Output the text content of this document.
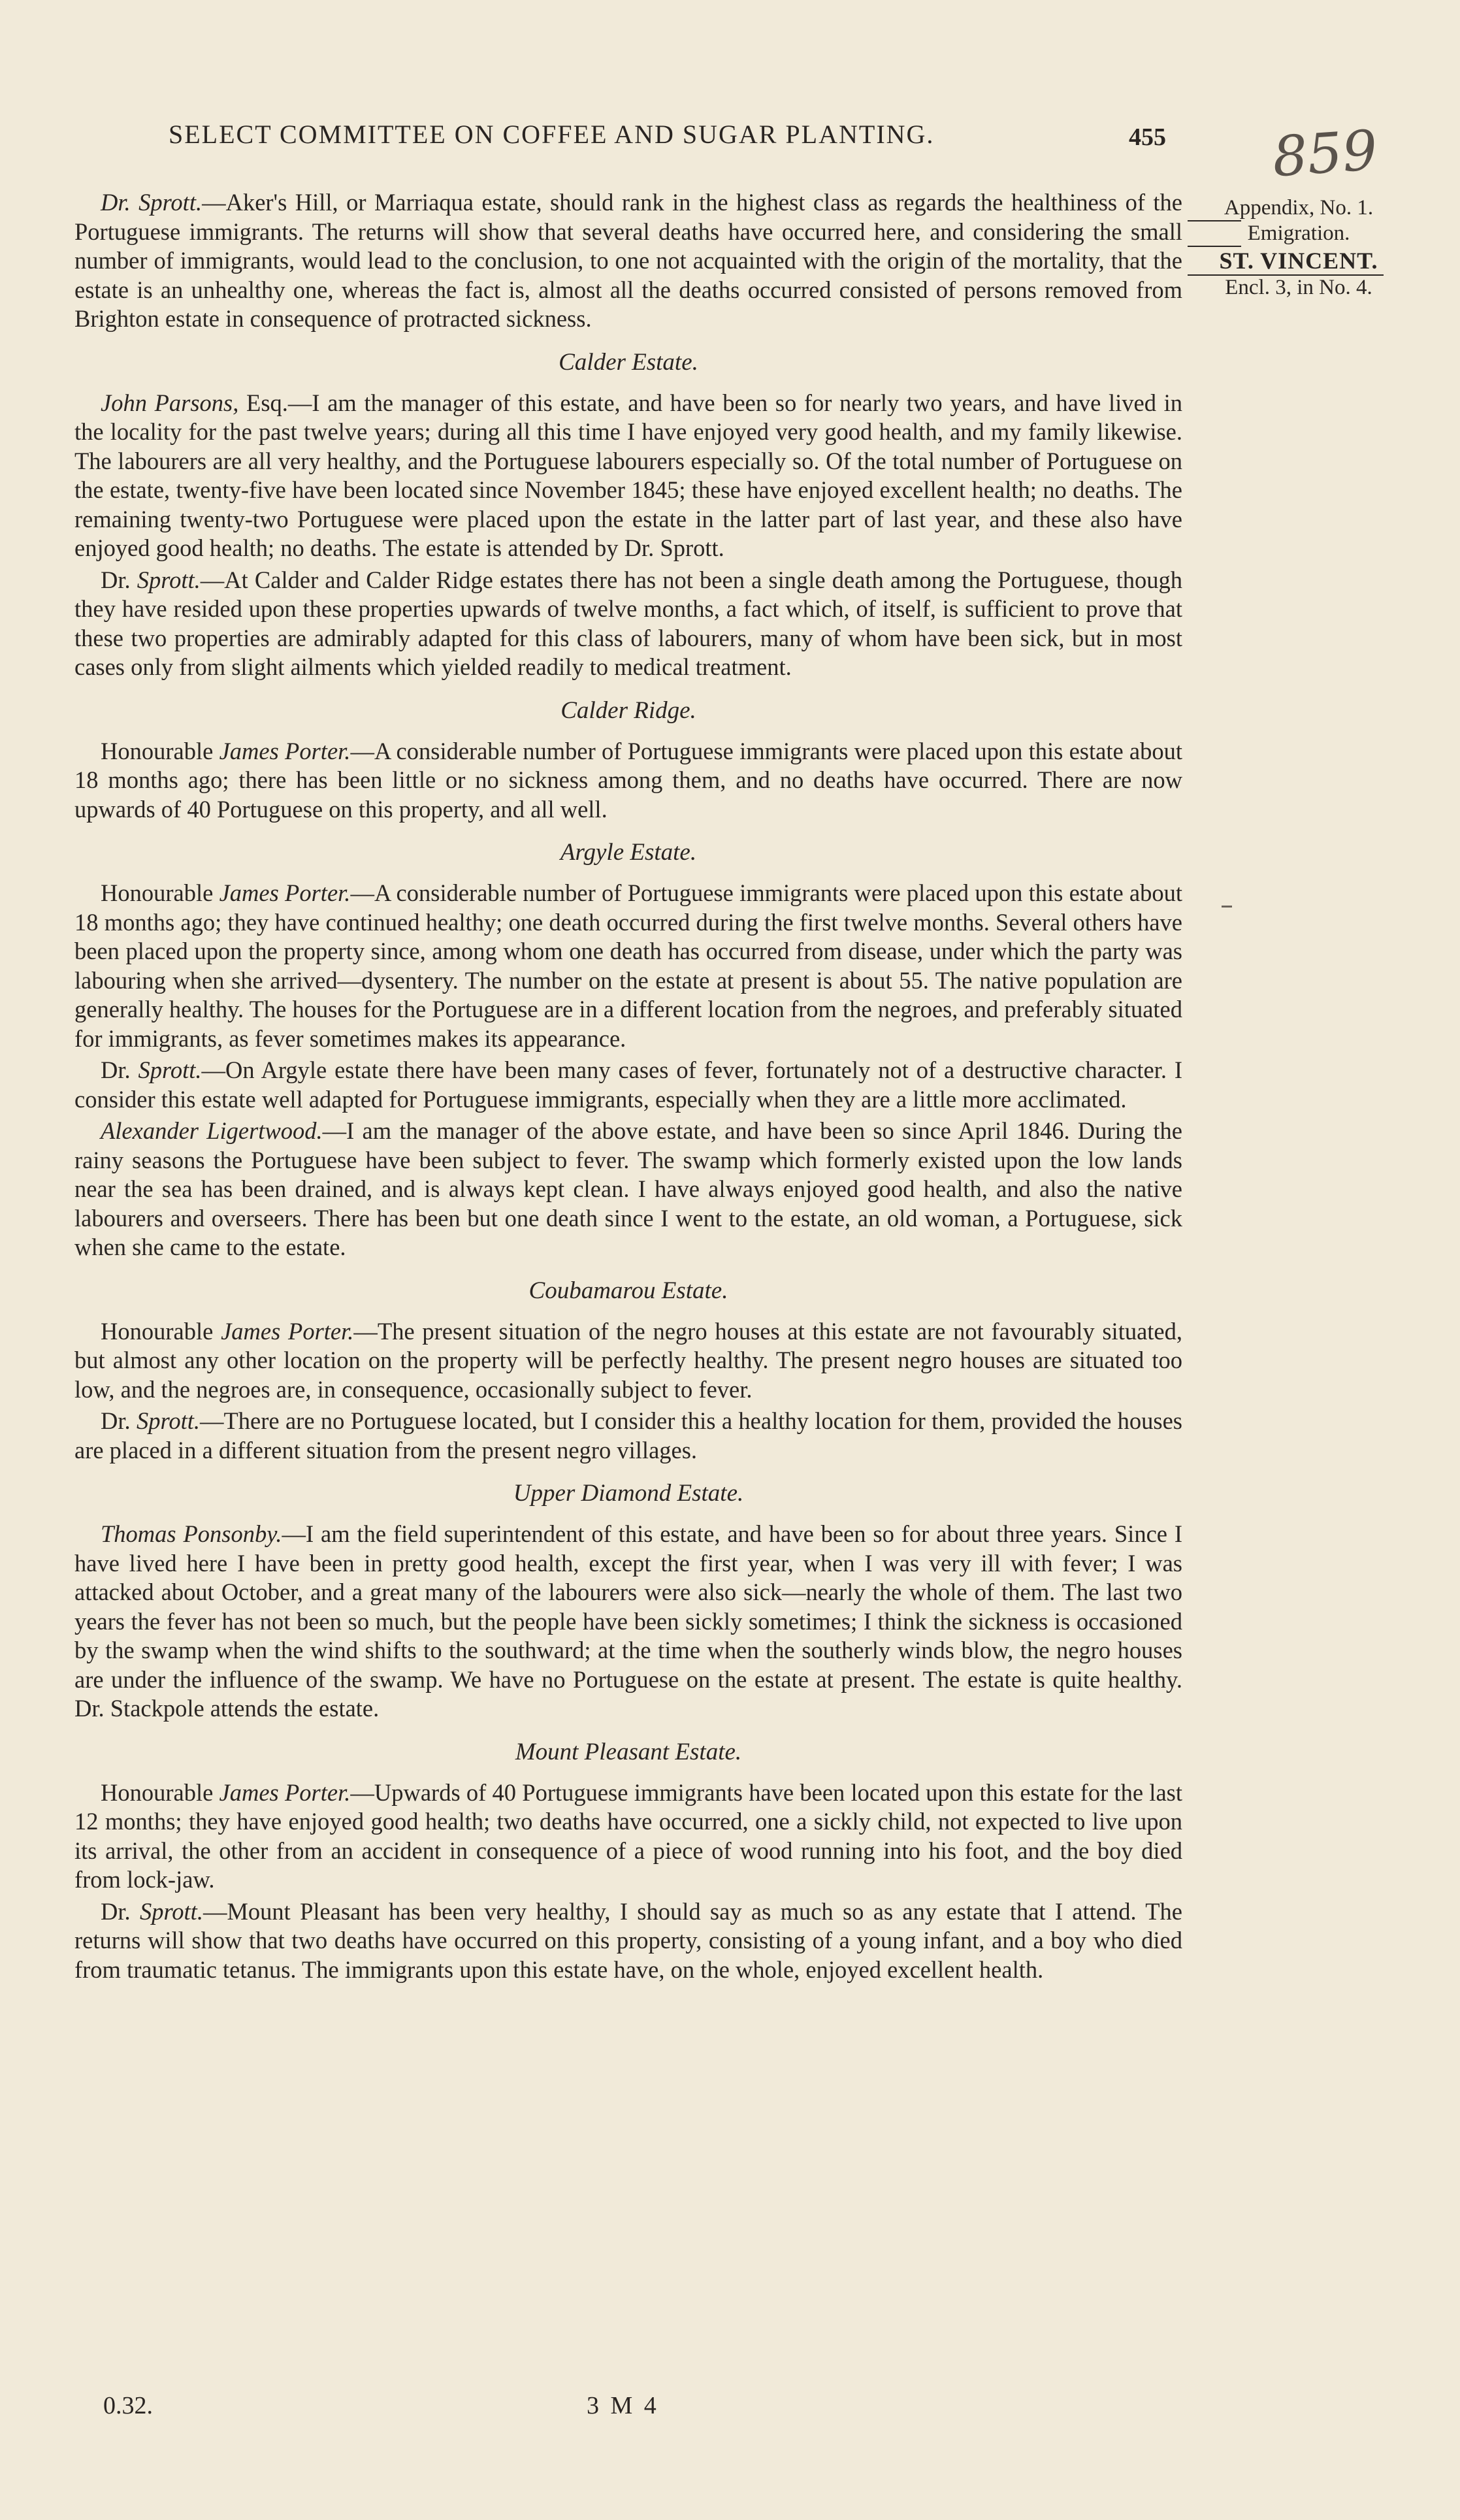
SELECT COMMITTEE ON COFFEE AND SUGAR PLANTING.	455 859
Appendix, No. 1.
Emigration.
ST. VINCENT.
Encl. 3, in No. 4.

Dr. Sprott.—Aker's Hill, or Marriaqua estate, should rank in the highest class as regards the healthiness of the Portuguese immigrants. The returns will show that several deaths have occurred here, and considering the small number of immigrants, would lead to the conclusion, to one not acquainted with the origin of the mortality, that the estate is an unhealthy one, whereas the fact is, almost all the deaths occurred consisted of persons removed from Brighton estate in consequence of protracted sickness.

Calder Estate.

John Parsons, Esq.—I am the manager of this estate, and have been so for nearly two years, and have lived in the locality for the past twelve years; during all this time I have enjoyed very good health, and my family likewise. The labourers are all very healthy, and the Portuguese labourers especially so. Of the total number of Portuguese on the estate, twenty-five have been located since November 1845; these have enjoyed excellent health; no deaths. The remaining twenty-two Portuguese were placed upon the estate in the latter part of last year, and these also have enjoyed good health; no deaths. The estate is attended by Dr. Sprott.

Dr. Sprott.—At Calder and Calder Ridge estates there has not been a single death among the Portuguese, though they have resided upon these properties upwards of twelve months, a fact which, of itself, is sufficient to prove that these two properties are admirably adapted for this class of labourers, many of whom have been sick, but in most cases only from slight ailments which yielded readily to medical treatment.

Calder Ridge.

Honourable James Porter.—A considerable number of Portuguese immigrants were placed upon this estate about 18 months ago; there has been little or no sickness among them, and no deaths have occurred. There are now upwards of 40 Portuguese on this property, and all well.

Argyle Estate.

Honourable James Porter.—A considerable number of Portuguese immigrants were placed upon this estate about 18 months ago; they have continued healthy; one death occurred during the first twelve months. Several others have been placed upon the property since, among whom one death has occurred from disease, under which the party was labouring when she arrived—dysentery. The number on the estate at present is about 55. The native population are generally healthy. The houses for the Portuguese are in a different location from the negroes, and preferably situated for immigrants, as fever sometimes makes its appearance.

Dr. Sprott.—On Argyle estate there have been many cases of fever, fortunately not of a destructive character. I consider this estate well adapted for Portuguese immigrants, especially when they are a little more acclimated.

Alexander Ligertwood.—I am the manager of the above estate, and have been so since April 1846. During the rainy seasons the Portuguese have been subject to fever. The swamp which formerly existed upon the low lands near the sea has been drained, and is always kept clean. I have always enjoyed good health, and also the native labourers and overseers. There has been but one death since I went to the estate, an old woman, a Portuguese, sick when she came to the estate.

Coubamarou Estate.

Honourable James Porter.—The present situation of the negro houses at this estate are not favourably situated, but almost any other location on the property will be perfectly healthy. The present negro houses are situated too low, and the negroes are, in consequence, occasionally subject to fever.

Dr. Sprott.—There are no Portuguese located, but I consider this a healthy location for them, provided the houses are placed in a different situation from the present negro villages.

Upper Diamond Estate.

Thomas Ponsonby.—I am the field superintendent of this estate, and have been so for about three years. Since I have lived here I have been in pretty good health, except the first year, when I was very ill with fever; I was attacked about October, and a great many of the labourers were also sick—nearly the whole of them. The last two years the fever has not been so much, but the people have been sickly sometimes; I think the sickness is occasioned by the swamp when the wind shifts to the southward; at the time when the southerly winds blow, the negro houses are under the influence of the swamp. We have no Portuguese on the estate at present. The estate is quite healthy. Dr. Stackpole attends the estate.

Mount Pleasant Estate.

Honourable James Porter.—Upwards of 40 Portuguese immigrants have been located upon this estate for the last 12 months; they have enjoyed good health; two deaths have occurred, one a sickly child, not expected to live upon its arrival, the other from an accident in consequence of a piece of wood running into his foot, and the boy died from lock-jaw.

Dr. Sprott.—Mount Pleasant has been very healthy, I should say as much so as any estate that I attend. The returns will show that two deaths have occurred on this property, consisting of a young infant, and a boy who died from traumatic tetanus. The immigrants upon this estate have, on the whole, enjoyed excellent health.

0.32.	3 M 4
